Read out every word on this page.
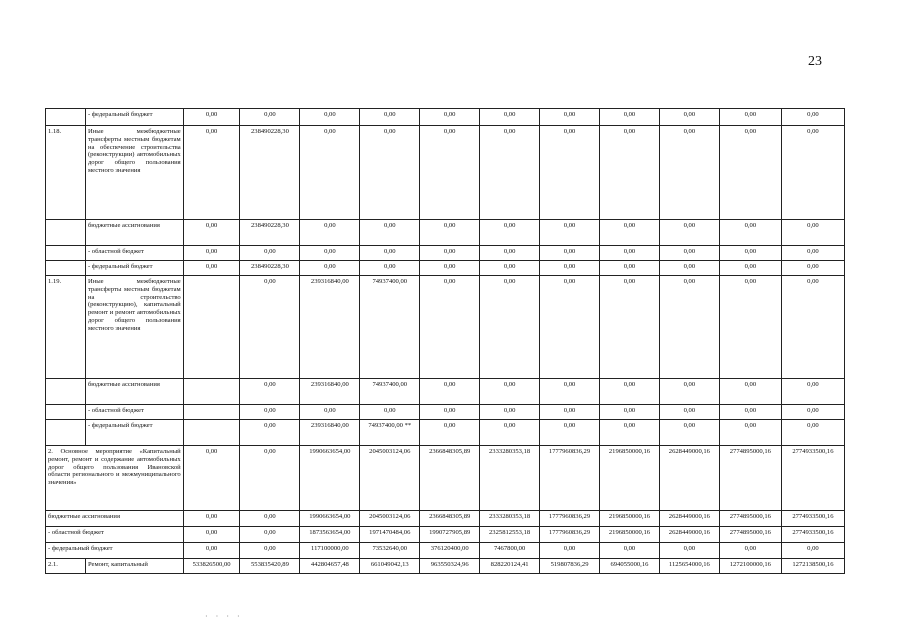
23
	- федеральный бюджет	0,00	0,00	0,00	0,00	0,00	0,00	0,00	0,00	0,00	0,00	0,00
1.18.	Иные межбюджетные трансферты местным бюджетам на обеспечение строительства (реконструкции) автомобильных дорог общего пользования местного значения	0,00	238490228,30	0,00	0,00	0,00	0,00	0,00	0,00	0,00	0,00	0,00
	бюджетные ассигнования	0,00	238490228,30	0,00	0,00	0,00	0,00	0,00	0,00	0,00	0,00	0,00
	- областной бюджет	0,00	0,00	0,00	0,00	0,00	0,00	0,00	0,00	0,00	0,00	0,00
	- федеральный бюджет	0,00	238490228,30	0,00	0,00	0,00	0,00	0,00	0,00	0,00	0,00	0,00
1.19.	Иные межбюджетные трансферты местным бюджетам на строительство (реконструкцию), капитальный ремонт и ремонт автомобильных дорог общего пользования местного значения		0,00	239316840,00	74937400,00	0,00	0,00	0,00	0,00	0,00	0,00	0,00
	бюджетные ассигнования		0,00	239316840,00	74937400,00	0,00	0,00	0,00	0,00	0,00	0,00	0,00
	- областной бюджет		0,00	0,00	0,00	0,00	0,00	0,00	0,00	0,00	0,00	0,00
	- федеральный бюджет		0,00	239316840,00	74937400,00 **	0,00	0,00	0,00	0,00	0,00	0,00	0,00
2. Основное мероприятие «Капитальный ремонт, ремонт и содержание автомобильных дорог общего пользования Ивановской области регионального и межмуниципального значения»		0,00	0,00	1990663654,00	2045003124,06	2366848305,89	2333280353,18	1777960836,29	2196850000,16	2628449000,16	2774895000,16	2774933500,16
бюджетные ассигнования		0,00	0,00	1990663654,00	2045003124,06	2366848305,89	2333280353,18	1777960836,29	2196850000,16	2628449000,16	2774895000,16	2774933500,16
- областной бюджет		0,00	0,00	1873563654,00	1971470484,06	1990727905,89	2325812553,18	1777960836,29	2196850000,16	2628449000,16	2774895000,16	2774933500,16
- федеральный бюджет		0,00	0,00	117100000,00	73532640,00	376120400,00	7467800,00	0,00	0,00	0,00	0,00	0,00
2.1.	Ремонт, капитальный	533826500,00	553835420,89	442804657,48	661049042,13	963550324,96	828220124,41	519807836,29	694055000,16	1125654000,16	1272100000,16	1272138500,16
· · · ·
